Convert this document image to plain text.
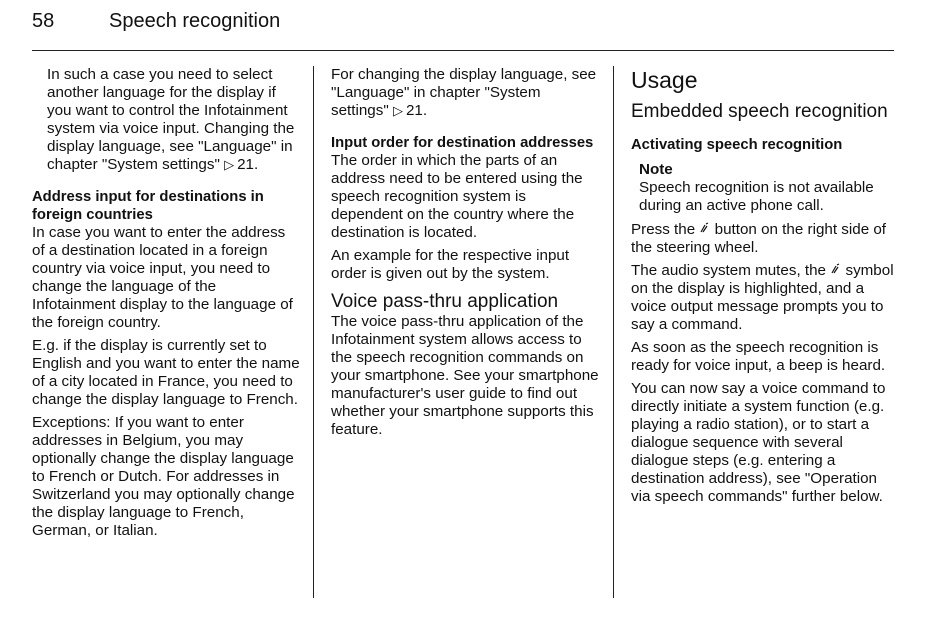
58	Speech recognition

In such a case you need to select another language for the display if you want to control the Infotainment system via voice input. Changing the display language, see "Language" in chapter "System settings" ▷ 21.

Address input for destinations in foreign countries

In case you want to enter the address of a destination located in a foreign country via voice input, you need to change the language of the Infotainment display to the language of the foreign country.

E.g. if the display is currently set to English and you want to enter the name of a city located in France, you need to change the display language to French.

Exceptions: If you want to enter addresses in Belgium, you may optionally change the display language to French or Dutch. For addresses in Switzerland you may optionally change the display language to French, German, or Italian.

For changing the display language, see "Language" in chapter "System settings" ▷ 21.

Input order for destination addresses

The order in which the parts of an address need to be entered using the speech recognition system is dependent on the country where the destination is located.

An example for the respective input order is given out by the system.

Voice pass-thru application

The voice pass-thru application of the Infotainment system allows access to the speech recognition commands on your smartphone. See your smartphone manufacturer's user guide to find out whether your smartphone supports this feature.

Usage
Embedded speech recognition
Activating speech recognition
Note
Speech recognition is not available during an active phone call.

Press the button on the right side of the steering wheel.

The audio system mutes, the symbol on the display is highlighted, and a voice output message prompts you to say a command.

As soon as the speech recognition is ready for voice input, a beep is heard.

You can now say a voice command to directly initiate a system function (e.g. playing a radio station), or to start a dialogue sequence with several dialogue steps (e.g. entering a destination address), see "Operation via speech commands" further below.
